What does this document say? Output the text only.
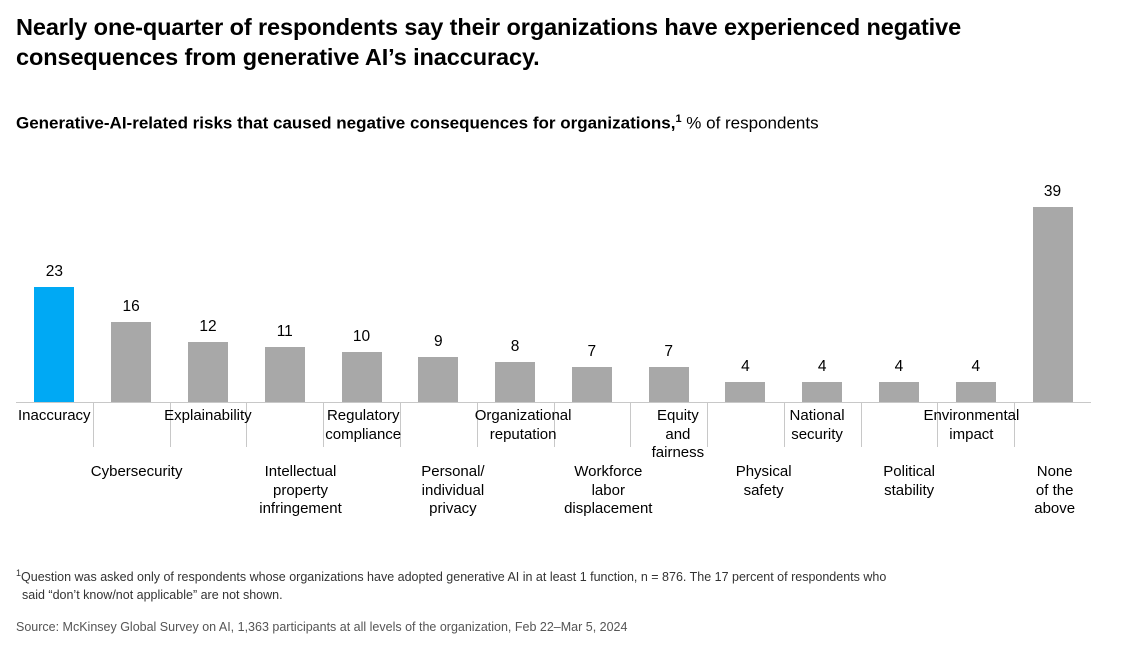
Nearly one-quarter of respondents say their organizations have experienced negative consequences from generative AI’s inaccuracy.
Generative-AI-related risks that caused negative consequences for organizations,$^1$ % of respondents
23
16
12	11	10	9	8	7	7
4	4	4	4
39
Inaccuracy	Explainability	Regulatory
compliance
Organizational
reputation
Equity and
fairness
National
security
Environmental
impact
Cybersecurity	Intellectual
property
infringement
Personal/
individual
privacy
Workforce
labor
displacement
Physical
safety
Political
stability
None
of the
above
$^1$Question was asked only of respondents whose organizations have adopted generative AI in at least 1 function, n = 876. The 17 percent of respondents who
said “don’t know/not applicable” are not shown.
Source: McKinsey Global Survey on AI, 1,363 participants at all levels of the organization, Feb 22–Mar 5, 2024
